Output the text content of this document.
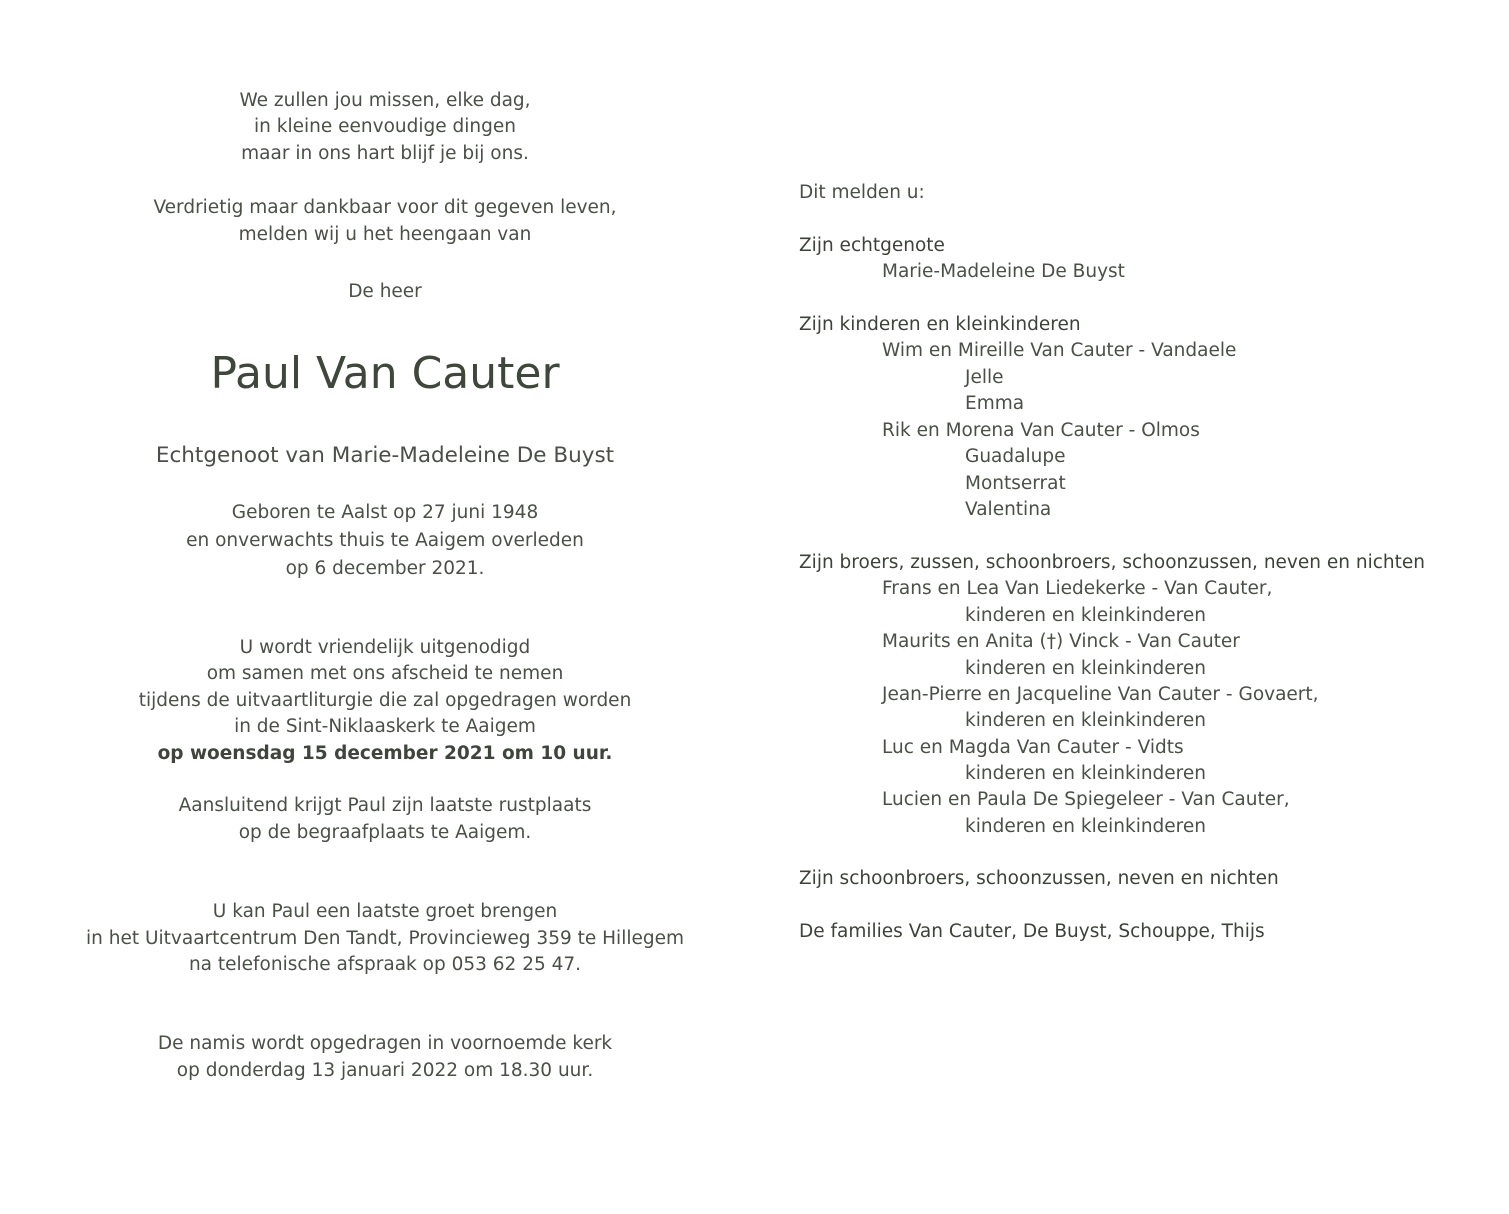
We zullen jou missen, elke dag,
in kleine eenvoudige dingen
maar in ons hart blijf je bij ons.
Verdrietig maar dankbaar voor dit gegeven leven,
melden wij u het heengaan van
De heer
Paul Van Cauter
Echtgenoot van Marie-Madeleine De Buyst
Geboren te Aalst op 27 juni 1948
en onverwachts thuis te Aaigem overleden
op 6 december 2021.
U wordt vriendelijk uitgenodigd
om samen met ons afscheid te nemen
tijdens de uitvaartliturgie die zal opgedragen worden
in de Sint-Niklaaskerk te Aaigem
op woensdag 15 december 2021 om 10 uur.
Aansluitend krijgt Paul zijn laatste rustplaats
op de begraafplaats te Aaigem.
U kan Paul een laatste groet brengen
in het Uitvaartcentrum Den Tandt, Provincieweg 359 te Hillegem
na telefonische afspraak op 053 62 25 47.
De namis wordt opgedragen in voornoemde kerk
op donderdag 13 januari 2022 om 18.30 uur.
Dit melden u:
Zijn echtgenote
Marie-Madeleine De Buyst
Zijn kinderen en kleinkinderen
Wim en Mireille Van Cauter - Vandaele
Jelle
Emma
Rik en Morena Van Cauter - Olmos
Guadalupe
Montserrat
Valentina
Zijn broers, zussen, schoonbroers, schoonzussen, neven en nichten
Frans en Lea Van Liedekerke - Van Cauter,
kinderen en kleinkinderen
Maurits en Anita (†) Vinck - Van Cauter
kinderen en kleinkinderen
Jean-Pierre en Jacqueline Van Cauter - Govaert,
kinderen en kleinkinderen
Luc en Magda Van Cauter - Vidts
kinderen en kleinkinderen
Lucien en Paula De Spiegeleer - Van Cauter,
kinderen en kleinkinderen
Zijn schoonbroers, schoonzussen, neven en nichten
De families Van Cauter, De Buyst, Schouppe, Thijs
